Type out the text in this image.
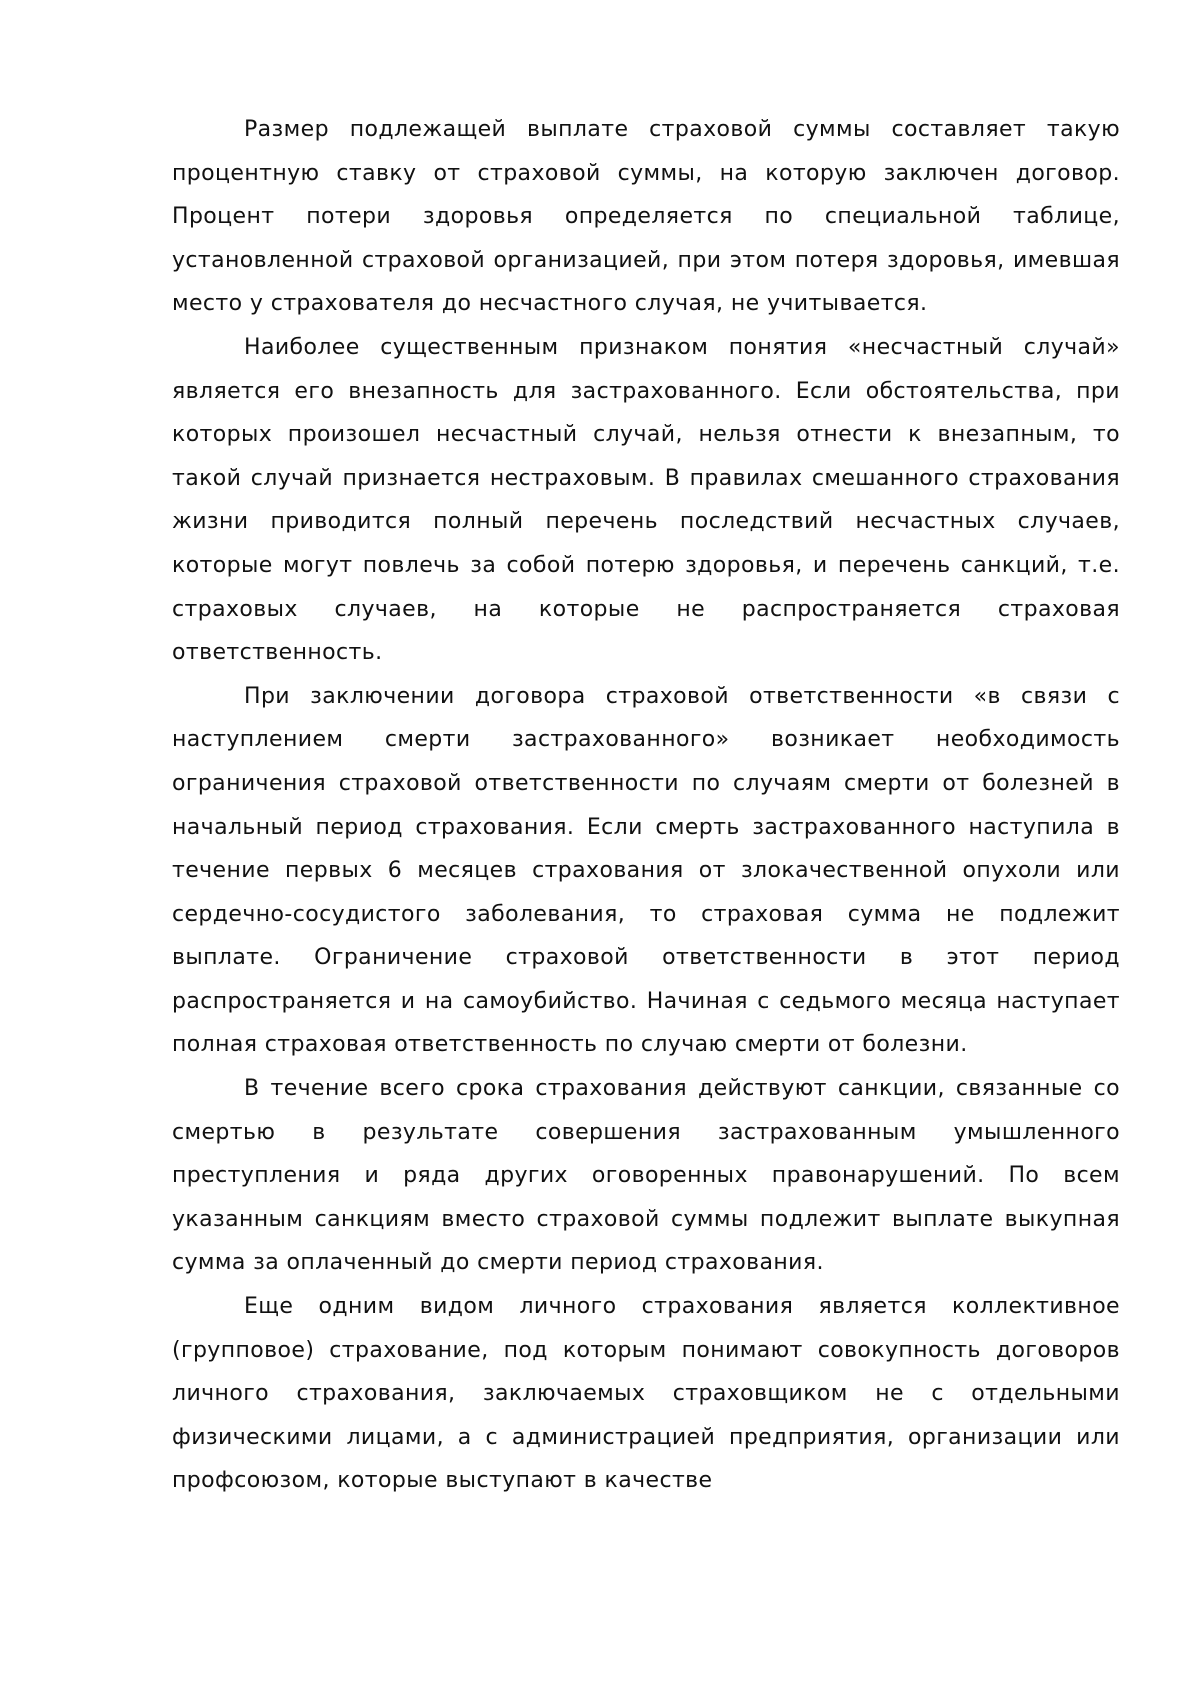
Размер подлежащей выплате страховой суммы составляет такую процентную ставку от страховой суммы, на которую заключен договор. Процент потери здоровья определяется по специальной таблице, установленной страховой организацией, при этом потеря здоровья, имевшая место у страхователя до несчастного случая, не учитывается.

Наиболее существенным признаком понятия «несчастный случай» является его внезапность для застрахованного. Если обстоятельства, при которых произошел несчастный случай, нельзя отнести к внезапным, то такой случай признается нестраховым. В правилах смешанного страхования жизни приводится полный перечень последствий несчастных случаев, которые могут повлечь за собой потерю здоровья, и перечень санкций, т.е. страховых случаев, на которые не распространяется страховая ответственность.

При заключении договора страховой ответственности «в связи с наступлением смерти застрахованного» возникает необходимость ограничения страховой ответственности по случаям смерти от болезней в начальный период страхования. Если смерть застрахованного наступила в течение первых 6 месяцев страхования от злокачественной опухоли или сердечно-сосудистого заболевания, то страховая сумма не подлежит выплате. Ограничение страховой ответственности в этот период распространяется и на самоубийство. Начиная с седьмого месяца наступает полная страховая ответственность по случаю смерти от болезни.

В течение всего срока страхования действуют санкции, связанные со смертью в результате совершения застрахованным умышленного преступления и ряда других оговоренных правонарушений. По всем указанным санкциям вместо страховой суммы подлежит выплате выкупная сумма за оплаченный до смерти период страхования.

Еще одним видом личного страхования является коллективное (групповое) страхование, под которым понимают совокупность договоров личного страхования, заключаемых страховщиком не с отдельными физическими лицами, а с администрацией предприятия, организации или профсоюзом, которые выступают в качестве
